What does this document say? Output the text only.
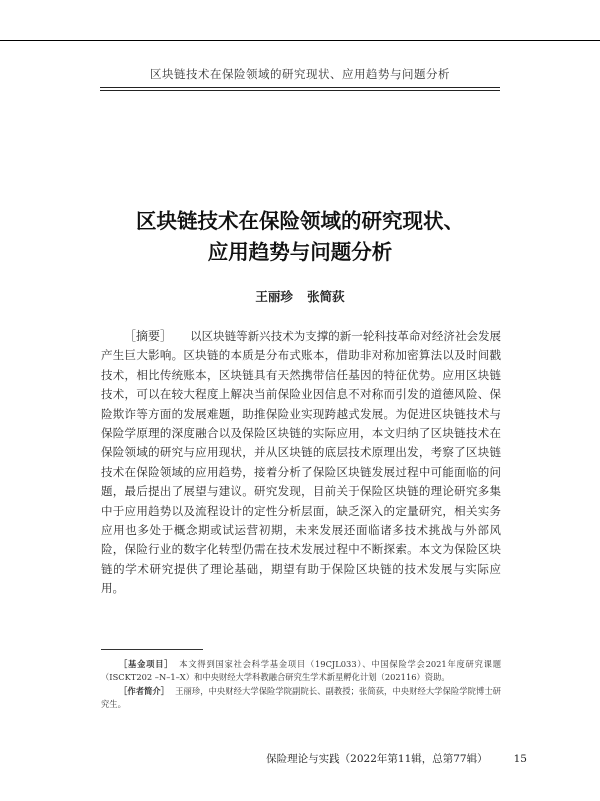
区块链技术在保险领域的研究现状、应用趋势与问题分析
区块链技术在保险领域的研究现状、
应用趋势与问题分析
王丽珍 张简荻
［摘要］ 以区块链等新兴技术为支撑的新一轮科技革命对经济社会发展产生巨大影响。区块链的本质是分布式账本，借助非对称加密算法以及时间戳技术，相比传统账本，区块链具有天然携带信任基因的特征优势。应用区块链技术，可以在较大程度上解决当前保险业因信息不对称而引发的道德风险、保险欺诈等方面的发展难题，助推保险业实现跨越式发展。为促进区块链技术与保险学原理的深度融合以及保险区块链的实际应用，本文归纳了区块链技术在保险领域的研究与应用现状，并从区块链的底层技术原理出发，考察了区块链技术在保险领域的应用趋势，接着分析了保险区块链发展过程中可能面临的问题，最后提出了展望与建议。研究发现，目前关于保险区块链的理论研究多集中于应用趋势以及流程设计的定性分析层面，缺乏深入的定量研究，相关实务应用也多处于概念期或试运营初期，未来发展还面临诸多技术挑战与外部风险，保险行业的数字化转型仍需在技术发展过程中不断探索。本文为保险区块链的学术研究提供了理论基础，期望有助于保险区块链的技术发展与实际应用。
［基金项目］ 本文得到国家社会科学基金项目（19CJL033）、中国保险学会2021年度研究课题（ISCKT202 –N–1–X）和中央财经大学科教融合研究生学术新星孵化计划（202116）资助。
［作者简介］ 王丽珍，中央财经大学保险学院副院长、副教授；张简荻，中央财经大学保险学院博士研究生。
保险理论与实践（2022年第11辑，总第77辑） 15
